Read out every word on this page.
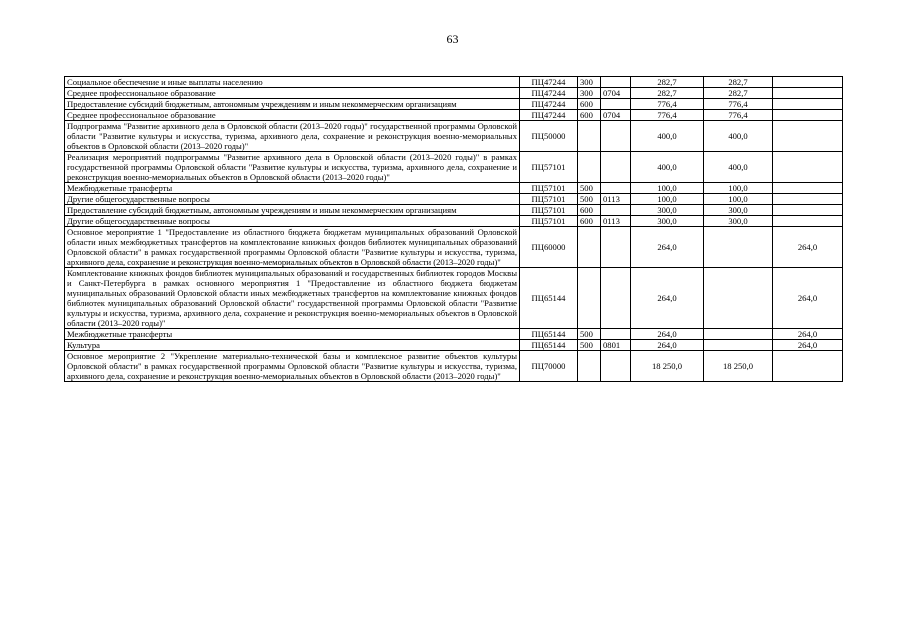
63
Социальное обеспечение и иные выплаты населению	ПЦ47244	300		282,7	282,7	
Среднее профессиональное образование	ПЦ47244	300	0704	282,7	282,7	
Предоставление субсидий бюджетным, автономным учреждениям и иным некоммерческим организациям	ПЦ47244	600		776,4	776,4	
Среднее профессиональное образование	ПЦ47244	600	0704	776,4	776,4	
Подпрограмма "Развитие архивного дела в Орловской области (2013–2020 годы)" государственной программы Орловской области "Развитие культуры и искусства, туризма, архивного дела, сохранение и реконструкция военно-мемориальных объектов в Орловской области (2013–2020 годы)"	ПЦ50000			400,0	400,0	
Реализация мероприятий подпрограммы "Развитие архивного дела в Орловской области (2013–2020 годы)" в рамках государственной программы Орловской области "Развитие культуры и искусства, туризма, архивного дела, сохранение и реконструкция военно-мемориальных объектов в Орловской области (2013–2020 годы)"	ПЦ57101			400,0	400,0	
Межбюджетные трансферты	ПЦ57101	500		100,0	100,0	
Другие общегосударственные вопросы	ПЦ57101	500	0113	100,0	100,0	
Предоставление субсидий бюджетным, автономным учреждениям и иным некоммерческим организациям	ПЦ57101	600		300,0	300,0	
Другие общегосударственные вопросы	ПЦ57101	600	0113	300,0	300,0	
Основное мероприятие 1 "Предоставление из областного бюджета бюджетам муниципальных образований Орловской области иных межбюджетных трансфертов на комплектование книжных фондов библиотек муниципальных образований Орловской области" в рамках государственной программы Орловской области "Развитие культуры и искусства, туризма, архивного дела, сохранение и реконструкция военно-мемориальных объектов в Орловской области (2013–2020 годы)"	ПЦ60000			264,0		264,0
Комплектование книжных фондов библиотек муниципальных образований и государственных библиотек городов Москвы и Санкт-Петербурга в рамках основного мероприятия 1 "Предоставление из областного бюджета бюджетам муниципальных образований Орловской области иных межбюджетных трансфертов на комплектование книжных фондов библиотек муниципальных образований Орловской области" государственной программы Орловской области "Развитие культуры и искусства, туризма, архивного дела, сохранение и реконструкция военно-мемориальных объектов в Орловской области (2013–2020 годы)"	ПЦ65144			264,0		264,0
Межбюджетные трансферты	ПЦ65144	500		264,0		264,0
Культура	ПЦ65144	500	0801	264,0		264,0
Основное мероприятие 2 "Укрепление материально-технической базы и комплексное развитие объектов культуры Орловской области" в рамках государственной программы Орловской области "Развитие культуры и искусства, туризма, архивного дела, сохранение и реконструкция военно-мемориальных объектов в Орловской области (2013–2020 годы)"	ПЦ70000			18 250,0	18 250,0	
